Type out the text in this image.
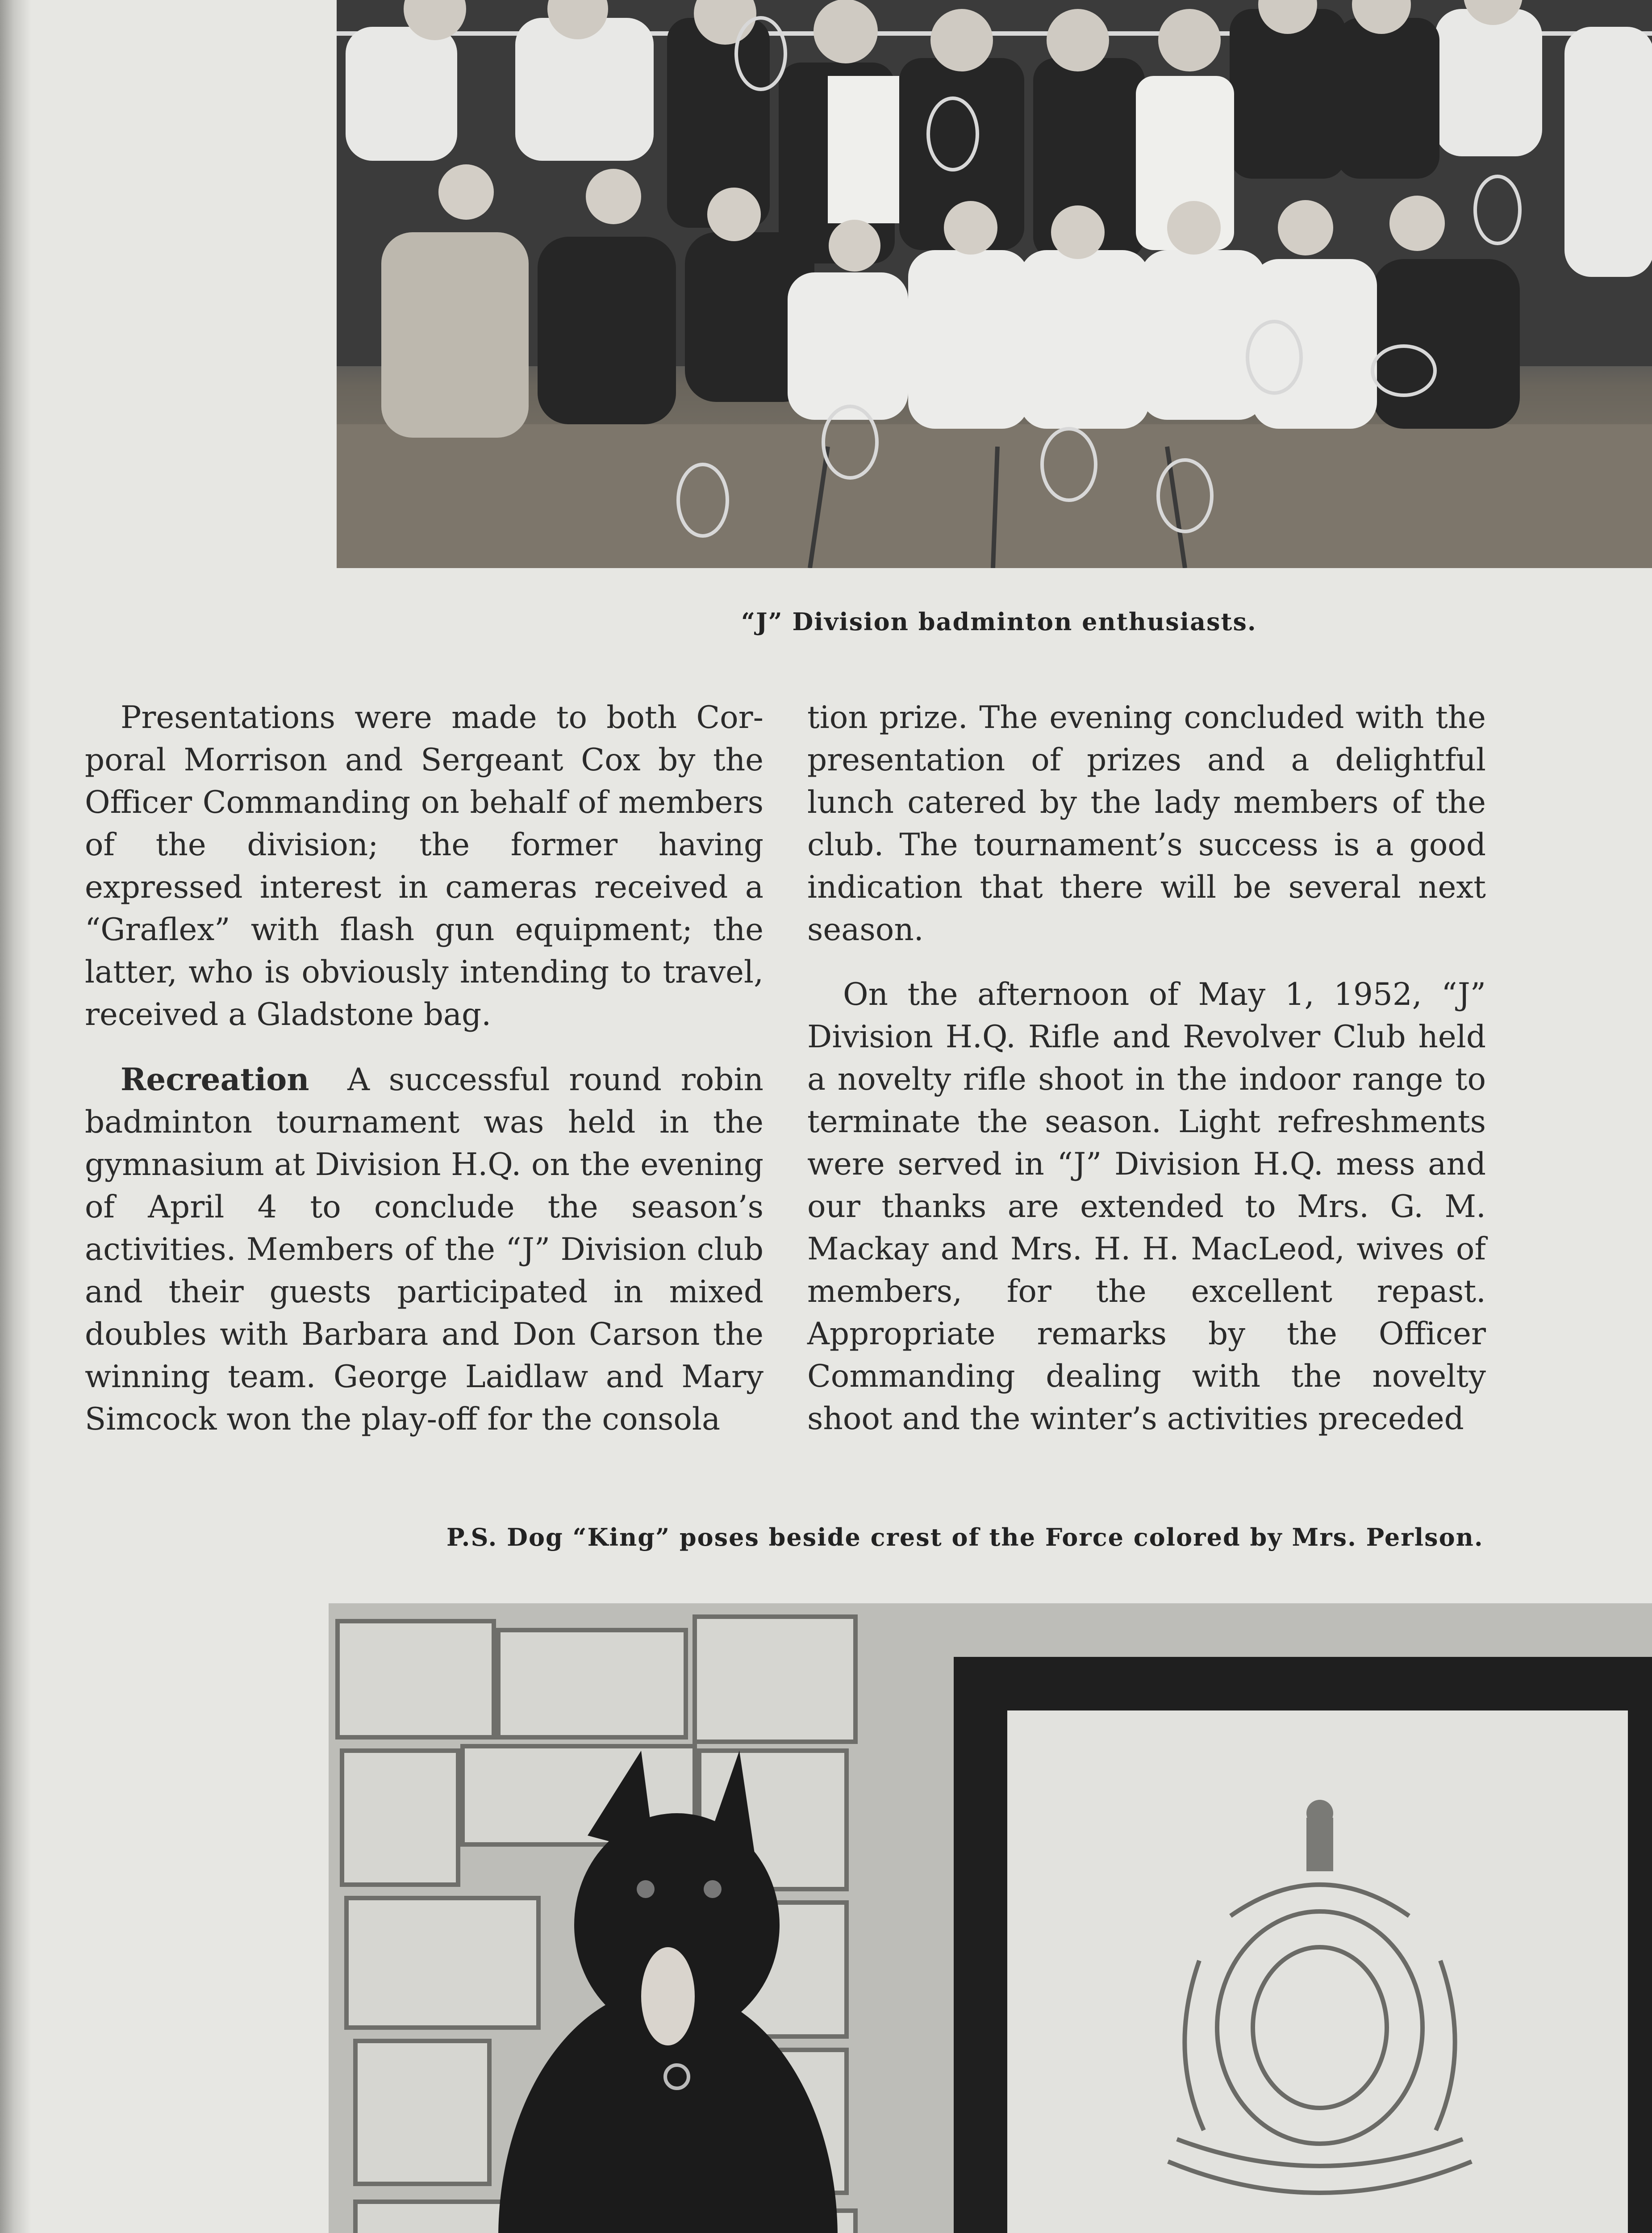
“J” Division badminton enthusiasts.

Presentations were made to both Corporal Morrison and Sergeant Cox by the Officer Commanding on behalf of members of the division; the former having expressed interest in cameras received a “Graflex” with flash gun equipment; the latter, who is obviously intending to travel, received a Gladstone bag.

Recreation A successful round robin badminton tournament was held in the gymnasium at Division H.Q. on the evening of April 4 to conclude the season’s activities. Members of the “J” Division club and their guests participated in mixed doubles with Barbara and Don Carson the winning team. George Laidlaw and Mary Simcock won the play-off for the consola

tion prize. The evening concluded with the presentation of prizes and a delightful lunch catered by the lady members of the club. The tournament’s success is a good indication that there will be several next season.

On the afternoon of May 1, 1952, “J” Division H.Q. Rifle and Revolver Club held a novelty rifle shoot in the indoor range to terminate the season. Light refreshments were served in “J” Division H.Q. mess and our thanks are extended to Mrs. G. M. Mackay and Mrs. H. H. MacLeod, wives of members, for the excellent repast. Appropriate remarks by the Officer Commanding dealing with the novelty shoot and the winter’s activities preceded

P.S. Dog “King” poses beside crest of the Force colored by Mrs. Perlson.
